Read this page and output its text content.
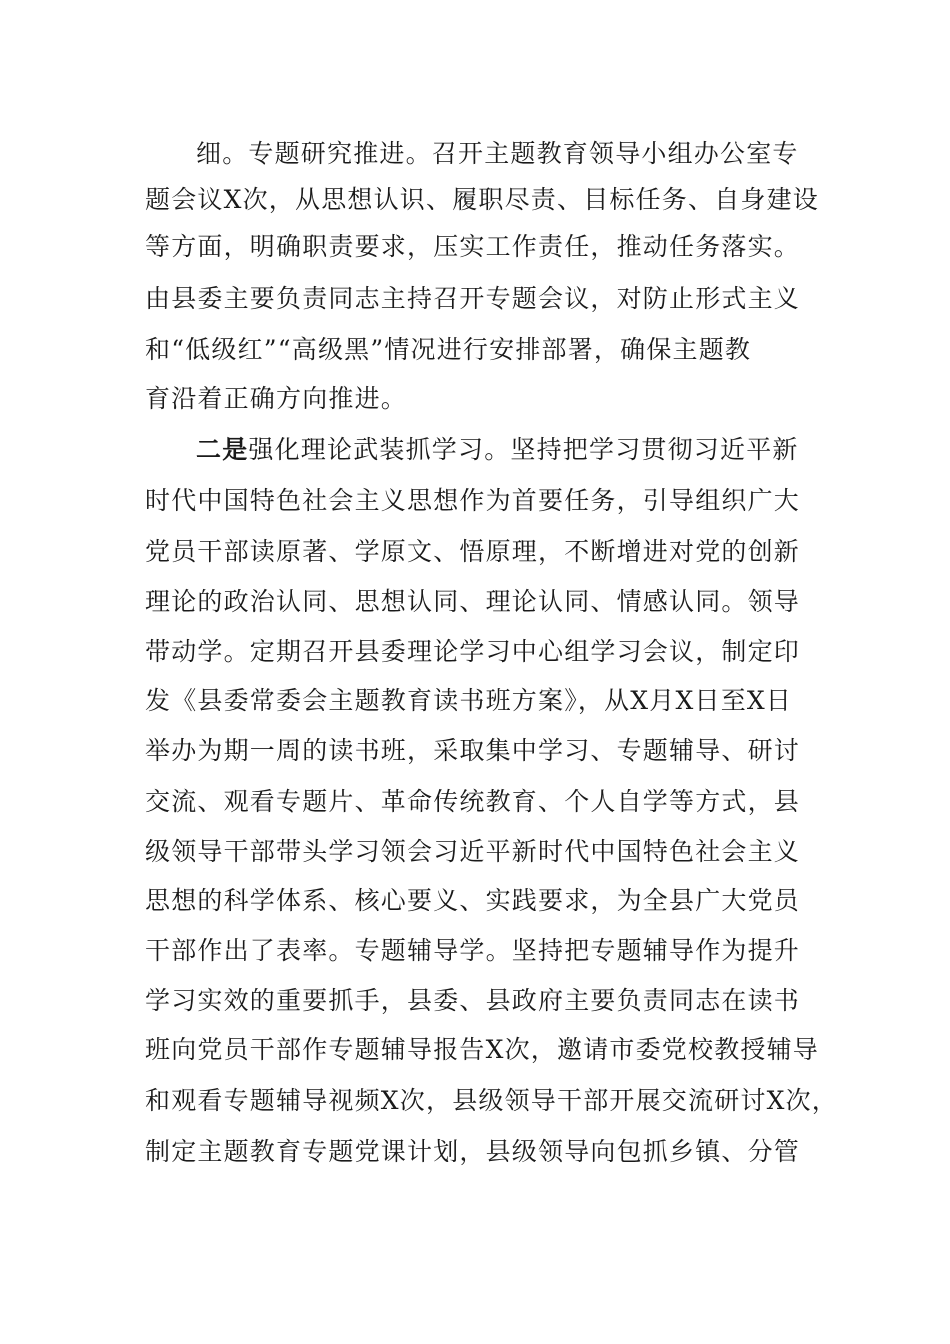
细。专题研究推进。召开主题教育领导小组办公室专
题会议X次，从思想认识、履职尽责、目标任务、自身建设
等方面，明确职责要求，压实工作责任，推动任务落实。
由县委主要负责同志主持召开专题会议，对防止形式主义
和“低级红”“高级黑”情况进行安排部署，确保主题教
育沿着正确方向推进。
二是强化理论武装抓学习。坚持把学习贯彻习近平新
时代中国特色社会主义思想作为首要任务，引导组织广大
党员干部读原著、学原文、悟原理，不断增进对党的创新
理论的政治认同、思想认同、理论认同、情感认同。领导
带动学。定期召开县委理论学习中心组学习会议，制定印
发《县委常委会主题教育读书班方案》，从X月X日至X日
举办为期一周的读书班，采取集中学习、专题辅导、研讨
交流、观看专题片、革命传统教育、个人自学等方式，县
级领导干部带头学习领会习近平新时代中国特色社会主义
思想的科学体系、核心要义、实践要求，为全县广大党员
干部作出了表率。专题辅导学。坚持把专题辅导作为提升
学习实效的重要抓手，县委、县政府主要负责同志在读书
班向党员干部作专题辅导报告X次，邀请市委党校教授辅导
和观看专题辅导视频X次，县级领导干部开展交流研讨X次，
制定主题教育专题党课计划，县级领导向包抓乡镇、分管
